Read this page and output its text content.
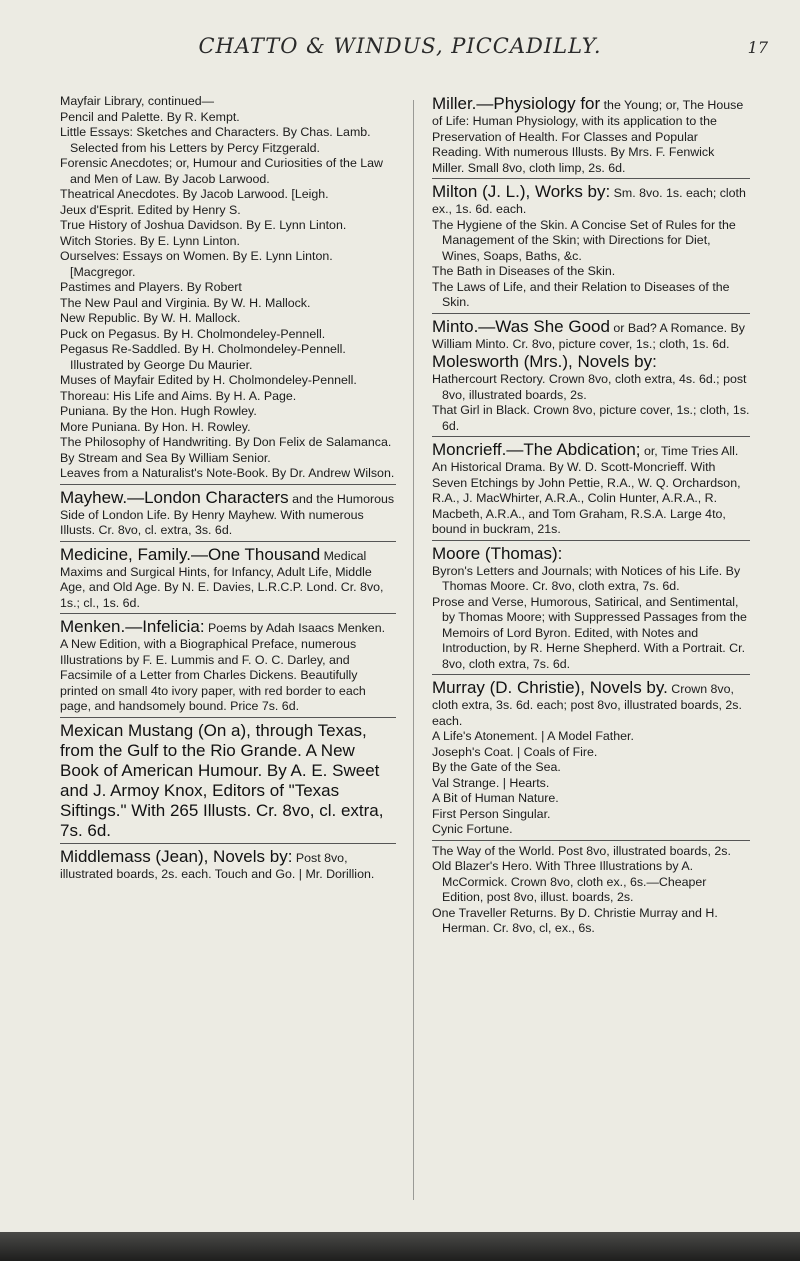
CHATTO & WINDUS, PICCADILLY.	17
Mayfair Library, continued—
Pencil and Palette. By R. Kempt.
Little Essays: Sketches and Characters. By Chas. Lamb. Selected from his Letters by Percy Fitzgerald.
Forensic Anecdotes; or, Humour and Curiosities of the Law and Men of Law. By Jacob Larwood.
Theatrical Anecdotes. By Jacob Larwood. [Leigh.
Jeux d'Esprit. Edited by Henry S.
True History of Joshua Davidson. By E. Lynn Linton.
Witch Stories. By E. Lynn Linton.
Ourselves: Essays on Women. By E. Lynn Linton. [Macgregor.
Pastimes and Players. By Robert
The New Paul and Virginia. By W. H. Mallock.
New Republic. By W. H. Mallock.
Puck on Pegasus. By H. Cholmondeley-Pennell.
Pegasus Re-Saddled. By H. Cholmondeley-Pennell. Illustrated by George Du Maurier.
Muses of Mayfair Edited by H. Cholmondeley-Pennell.
Thoreau: His Life and Aims. By H. A. Page.
Puniana. By the Hon. Hugh Rowley.
More Puniana. By Hon. H. Rowley.
The Philosophy of Handwriting. By Don Felix de Salamanca.
By Stream and Sea By William Senior.
Leaves from a Naturalist's Note-Book. By Dr. Andrew Wilson.
Mayhew.—London Characters and the Humorous Side of London Life. By Henry Mayhew. With numerous Illusts. Cr. 8vo, cl. extra, 3s. 6d.
Medicine, Family.—One Thousand Medical Maxims and Surgical Hints, for Infancy, Adult Life, Middle Age, and Old Age. By N. E. Davies, L.R.C.P. Lond. Cr. 8vo, 1s.; cl., 1s. 6d.
Menken.—Infelicia: Poems by Adah Isaacs Menken. A New Edition, with a Biographical Preface, numerous Illustrations by F. E. Lummis and F. O. C. Darley, and Facsimile of a Letter from Charles Dickens. Beautifully printed on small 4to ivory paper, with red border to each page, and handsomely bound. Price 7s. 6d.
Mexican Mustang (On a), through Texas, from the Gulf to the Rio Grande. A New Book of American Humour. By A. E. Sweet and J. Armoy Knox, Editors of "Texas Siftings." With 265 Illusts. Cr. 8vo, cl. extra, 7s. 6d.
Middlemass (Jean), Novels by: Post 8vo, illustrated boards, 2s. each. Touch and Go. | Mr. Dorillion.
Miller.—Physiology for the Young; or, The House of Life: Human Physiology, with its application to the Preservation of Health. For Classes and Popular Reading. With numerous Illusts. By Mrs. F. Fenwick Miller. Small 8vo, cloth limp, 2s. 6d.
Milton (J. L.), Works by: Sm. 8vo. 1s. each; cloth ex., 1s. 6d. each.
The Hygiene of the Skin. A Concise Set of Rules for the Management of the Skin; with Directions for Diet, Wines, Soaps, Baths, &c.
The Bath in Diseases of the Skin.
The Laws of Life, and their Relation to Diseases of the Skin.
Minto.—Was She Good or Bad? A Romance. By William Minto. Cr. 8vo, picture cover, 1s.; cloth, 1s. 6d.
Molesworth (Mrs.), Novels by:
Hathercourt Rectory. Crown 8vo, cloth extra, 4s. 6d.; post 8vo, illustrated boards, 2s.
That Girl in Black. Crown 8vo, picture cover, 1s.; cloth, 1s. 6d.
Moncrieff.—The Abdication; or, Time Tries All. An Historical Drama. By W. D. Scott-Moncrieff. With Seven Etchings by John Pettie, R.A., W. Q. Orchardson, R.A., J. MacWhirter, A.R.A., Colin Hunter, A.R.A., R. Macbeth, A.R.A., and Tom Graham, R.S.A. Large 4to, bound in buckram, 21s.
Moore (Thomas):
Byron's Letters and Journals; with Notices of his Life. By Thomas Moore. Cr. 8vo, cloth extra, 7s. 6d.
Prose and Verse, Humorous, Satirical, and Sentimental, by Thomas Moore; with Suppressed Passages from the Memoirs of Lord Byron. Edited, with Notes and Introduction, by R. Herne Shepherd. With a Portrait. Cr. 8vo, cloth extra, 7s. 6d.
Murray (D. Christie), Novels by. Crown 8vo, cloth extra, 3s. 6d. each; post 8vo, illustrated boards, 2s. each.
A Life's Atonement. | A Model Father.
Joseph's Coat. | Coals of Fire.
By the Gate of the Sea.
Val Strange. | Hearts.
A Bit of Human Nature.
First Person Singular.
Cynic Fortune.
The Way of the World. Post 8vo, illustrated boards, 2s.
Old Blazer's Hero. With Three Illustrations by A. McCormick. Crown 8vo, cloth ex., 6s.—Cheaper Edition, post 8vo, illust. boards, 2s.
One Traveller Returns. By D. Christie Murray and H. Herman. Cr. 8vo, cl, ex., 6s.
